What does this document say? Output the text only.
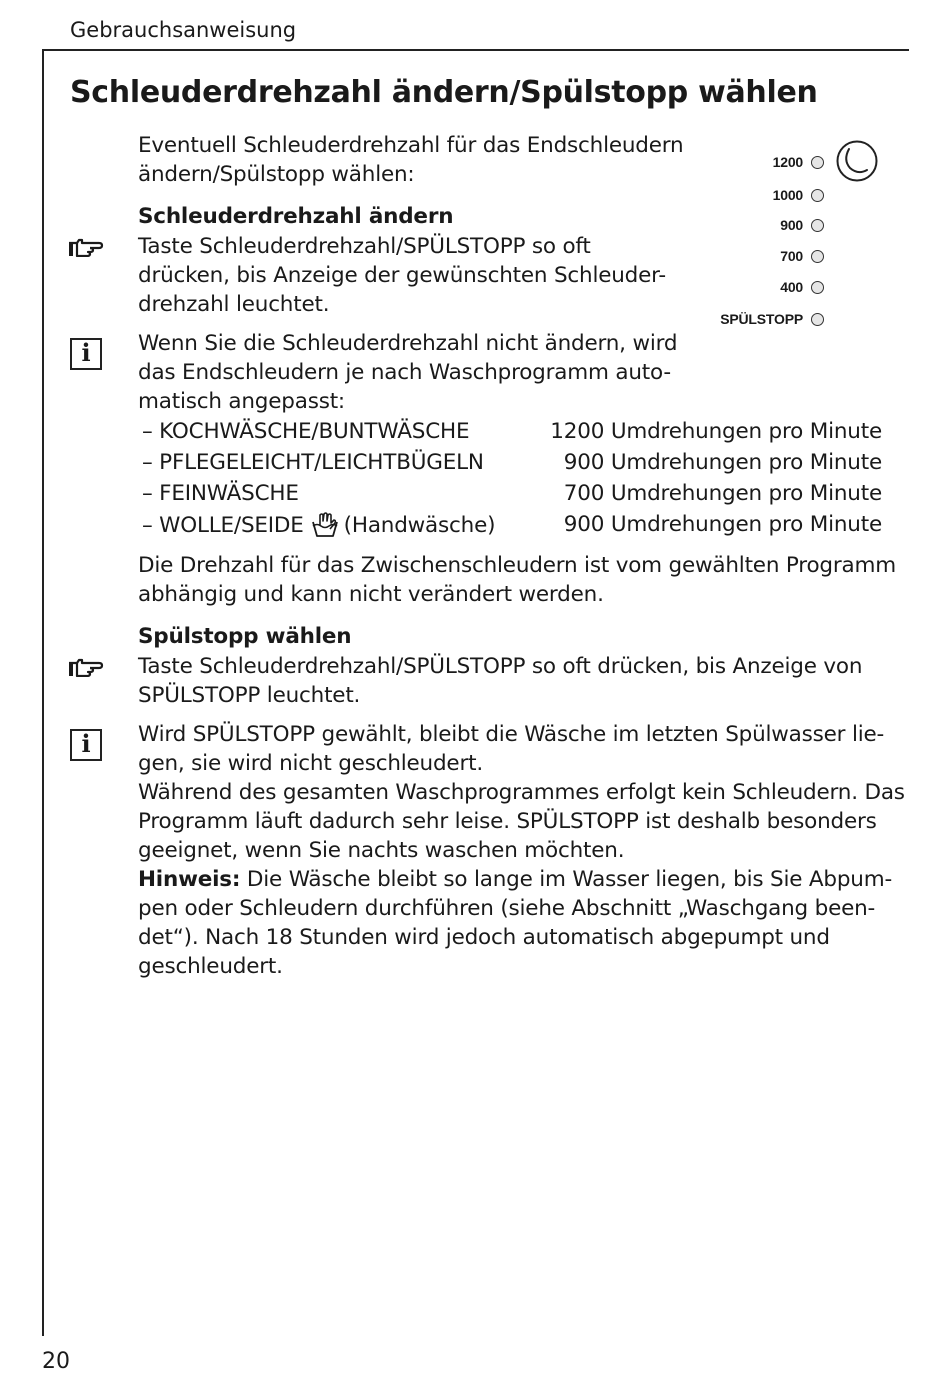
Gebrauchsanweisung
Schleuderdrehzahl ändern/Spülstopp wählen

Eventuell Schleuderdrehzahl für das Endschleudern

ändern/Spülstopp wählen:

Schleuderdrehzahl ändern

Taste Schleuderdrehzahl/SPÜLSTOPP so oft

drücken, bis Anzeige der gewünschten Schleuder-

drehzahl leuchtet.

i	Wenn Sie die Schleuderdrehzahl nicht ändern, wird

das Endschleudern je nach Waschprogramm auto-

matisch angepasst:

– KOCHWÄSCHE/BUNTWÄSCHE	1200 Umdrehungen pro Minute
– PFLEGELEICHT/LEICHTBÜGELN	900 Umdrehungen pro Minute
– FEINWÄSCHE	700 Umdrehungen pro Minute
– WOLLE/SEIDE (Handwäsche)	900 Umdrehungen pro Minute

Die Drehzahl für das Zwischenschleudern ist vom gewählten Programm

abhängig und kann nicht verändert werden.

Spülstopp wählen

Taste Schleuderdrehzahl/SPÜLSTOPP so oft drücken, bis Anzeige von

SPÜLSTOPP leuchtet.

i	Wird SPÜLSTOPP gewählt, bleibt die Wäsche im letzten Spülwasser lie-

gen, sie wird nicht geschleudert.

Während des gesamten Waschprogrammes erfolgt kein Schleudern. Das

Programm läuft dadurch sehr leise. SPÜLSTOPP ist deshalb besonders

geeignet, wenn Sie nachts waschen möchten.

Hinweis: Die Wäsche bleibt so lange im Wasser liegen, bis Sie Abpum-

pen oder Schleudern durchführen (siehe Abschnitt „Waschgang been-

det“). Nach 18 Stunden wird jedoch automatisch abgepumpt und

geschleudert.

1200
1000
900
700
400
SPÜLSTOPP
20
